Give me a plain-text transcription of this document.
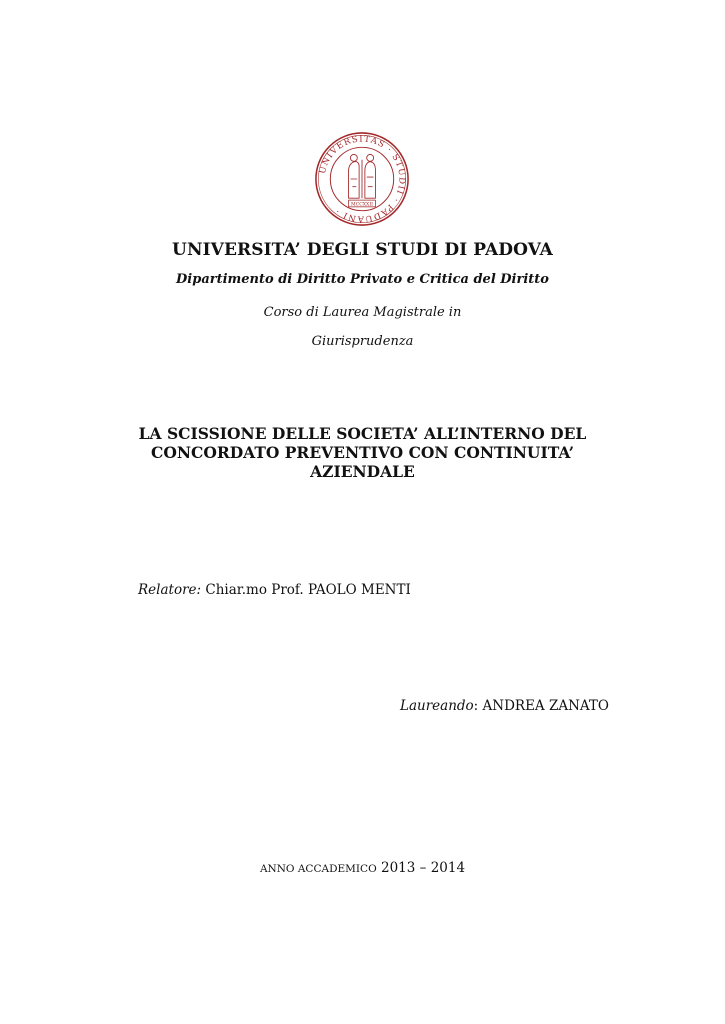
UNIVERSITAS · STUDII · PADUANI ·
MCCXXII
UNIVERSITA’ DEGLI STUDI DI PADOVA
Dipartimento di Diritto Privato e Critica del Diritto
Corso di Laurea Magistrale in
Giurisprudenza
LA SCISSIONE DELLE SOCIETA’ ALL’INTERNO DEL
CONCORDATO PREVENTIVO CON CONTINUITA’
AZIENDALE
Relatore: Chiar.mo Prof. PAOLO MENTI
Laureando: ANDREA ZANATO
ANNO ACCADEMICO 2013 – 2014
